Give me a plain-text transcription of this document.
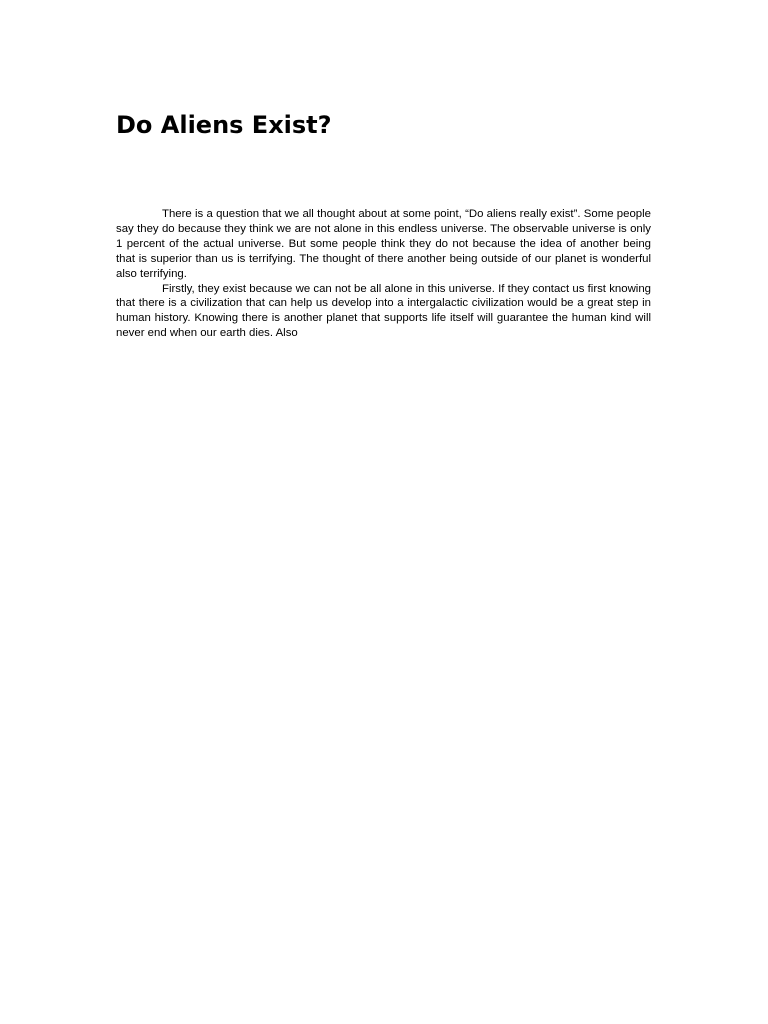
Do Aliens Exist?

There is a question that we all thought about at some point, “Do aliens really exist”. Some people say they do because they think we are not alone in this endless universe. The observable universe is only 1 percent of the actual universe. But some people think they do not because the idea of another being that is superior than us is terrifying. The thought of there another being outside of our planet is wonderful also terrifying.

Firstly, they exist because we can not be all alone in this universe. If they contact us first knowing that there is a civilization that can help us develop into a intergalactic civilization would be a great step in human history. Knowing there is another planet that supports life itself will guarantee the human kind will never end when our earth dies. Also
